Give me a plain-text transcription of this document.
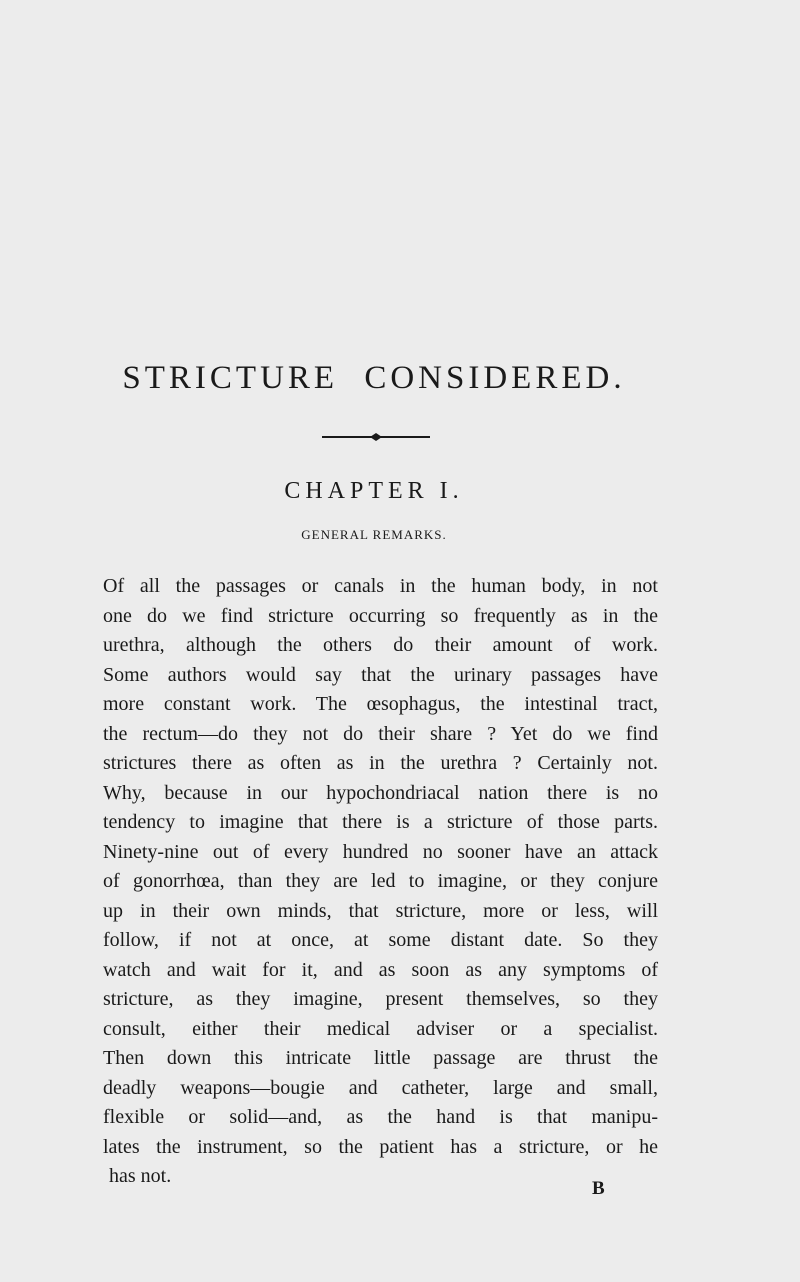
STRICTURE CONSIDERED.
CHAPTER I.
GENERAL REMARKS.
Of all the passages or canals in the human body, in not
one do we find stricture occurring so frequently as in the
urethra, although the others do their amount of work.
Some authors would say that the urinary passages have
more constant work. The œsophagus, the intestinal tract,
the rectum—do they not do their share ? Yet do we find
strictures there as often as in the urethra ? Certainly not.
Why, because in our hypochondriacal nation there is no
tendency to imagine that there is a stricture of those parts.
Ninety-nine out of every hundred no sooner have an attack
of gonorrhœa, than they are led to imagine, or they conjure
up in their own minds, that stricture, more or less, will
follow, if not at once, at some distant date. So they
watch and wait for it, and as soon as any symptoms of
stricture, as they imagine, present themselves, so they
consult, either their medical adviser or a specialist.
Then down this intricate little passage are thrust the
deadly weapons—bougie and catheter, large and small,
flexible or solid—and, as the hand is that manipu-
lates the instrument, so the patient has a stricture, or he
has not.
B
